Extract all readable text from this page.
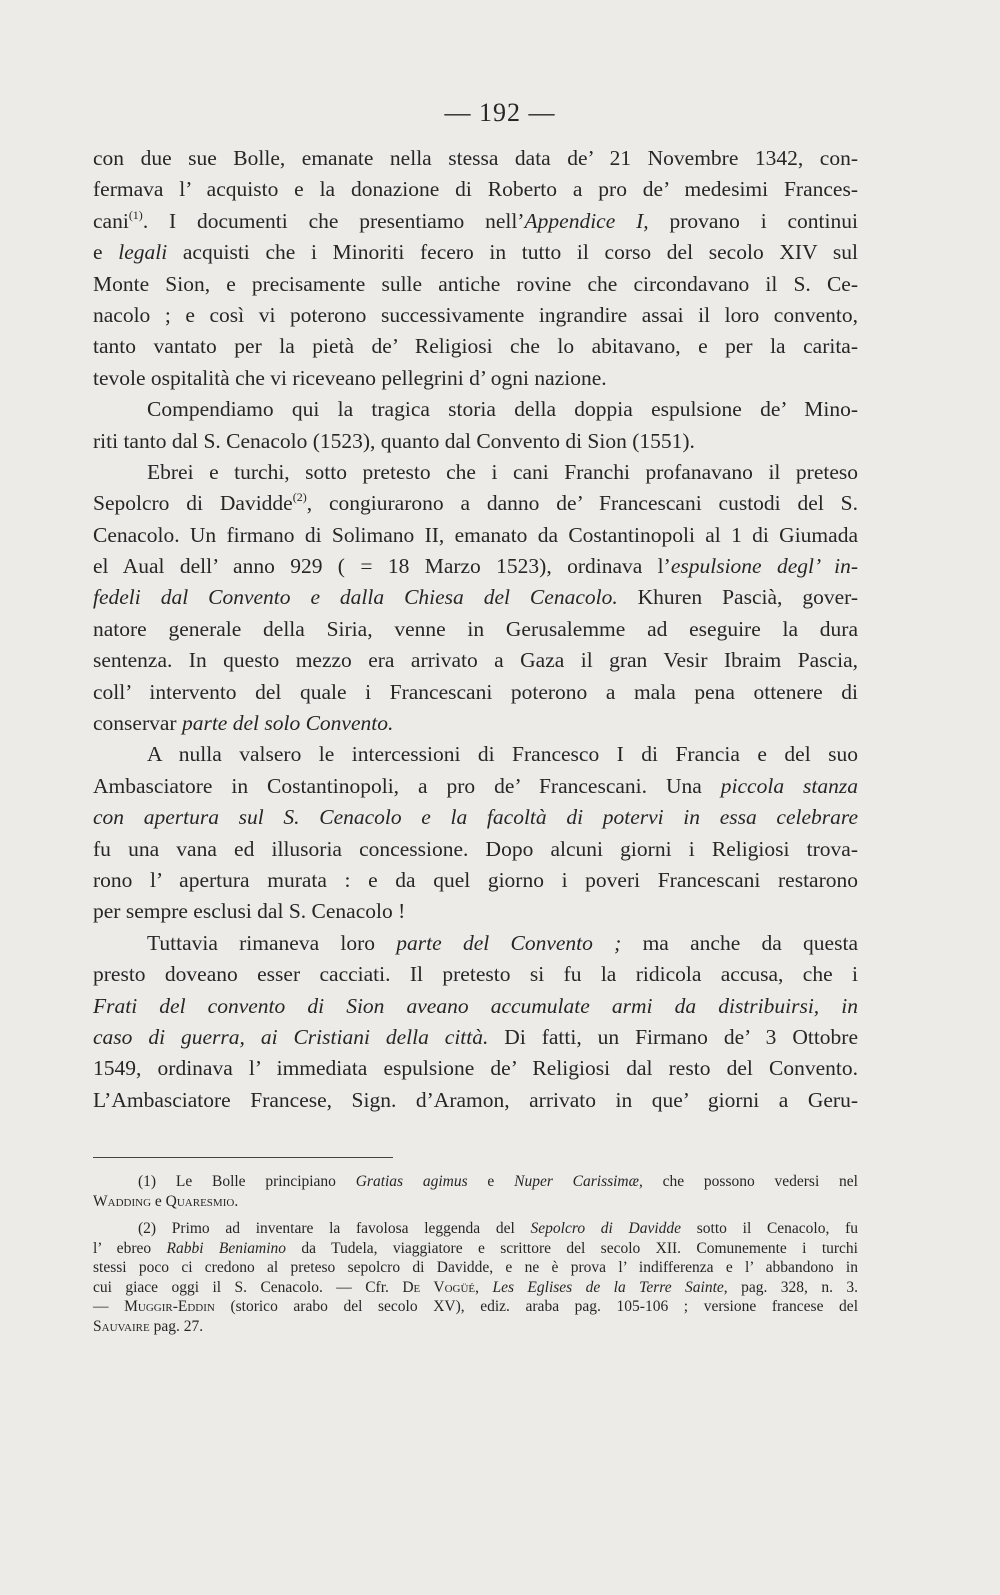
— 192 —
con due sue Bolle, emanate nella stessa data de’ 21 Novembre 1342, con-
fermava l’ acquisto e la donazione di Roberto a pro de’ medesimi Frances-
cani$^{(1)}$. I documenti che presentiamo nell’Appendice I, provano i continui
e legali acquisti che i Minoriti fecero in tutto il corso del secolo XIV sul
Monte Sion, e precisamente sulle antiche rovine che circondavano il S. Ce-
nacolo ; e così vi poterono successivamente ingrandire assai il loro convento,
tanto vantato per la pietà de’ Religiosi che lo abitavano, e per la carita-
tevole ospitalità che vi riceveano pellegrini d’ ogni nazione.
Compendiamo qui la tragica storia della doppia espulsione de’ Mino-
riti tanto dal S. Cenacolo (1523), quanto dal Convento di Sion (1551).
Ebrei e turchi, sotto pretesto che i cani Franchi profanavano il preteso
Sepolcro di Davidde$^{(2)}$, congiurarono a danno de’ Francescani custodi del S.
Cenacolo. Un firmano di Solimano II, emanato da Costantinopoli al 1 di Giumada
el Aual dell’ anno 929 ( = 18 Marzo 1523), ordinava l’espulsione degl’ in-
fedeli dal Convento e dalla Chiesa del Cenacolo. Khuren Pascià, gover-
natore generale della Siria, venne in Gerusalemme ad eseguire la dura
sentenza. In questo mezzo era arrivato a Gaza il gran Vesir Ibraim Pascia,
coll’ intervento del quale i Francescani poterono a mala pena ottenere di
conservar parte del solo Convento.
A nulla valsero le intercessioni di Francesco I di Francia e del suo
Ambasciatore in Costantinopoli, a pro de’ Francescani. Una piccola stanza
con apertura sul S. Cenacolo e la facoltà di potervi in essa celebrare
fu una vana ed illusoria concessione. Dopo alcuni giorni i Religiosi trova-
rono l’ apertura murata : e da quel giorno i poveri Francescani restarono
per sempre esclusi dal S. Cenacolo !
Tuttavia rimaneva loro parte del Convento ; ma anche da questa
presto doveano esser cacciati. Il pretesto si fu la ridicola accusa, che i
Frati del convento di Sion aveano accumulate armi da distribuirsi, in
caso di guerra, ai Cristiani della città. Di fatti, un Firmano de’ 3 Ottobre
1549, ordinava l’ immediata espulsione de’ Religiosi dal resto del Convento.
L’Ambasciatore Francese, Sign. d’Aramon, arrivato in que’ giorni a Geru-
(1) Le Bolle principiano Gratias agimus e Nuper Carissimæ, che possono vedersi nel
Wadding e Quaresmio.
(2) Primo ad inventare la favolosa leggenda del Sepolcro di Davidde sotto il Cenacolo, fu
l’ ebreo Rabbi Beniamino da Tudela, viaggiatore e scrittore del secolo XII. Comunemente i turchi
stessi poco ci credono al preteso sepolcro di Davidde, e ne è prova l’ indifferenza e l’ abbandono in
cui giace oggi il S. Cenacolo. — Cfr. De Vogüé, Les Eglises de la Terre Sainte, pag. 328, n. 3.
— Muggir-Eddin (storico arabo del secolo XV), ediz. araba pag. 105-106 ; versione francese del
Sauvaire pag. 27.
